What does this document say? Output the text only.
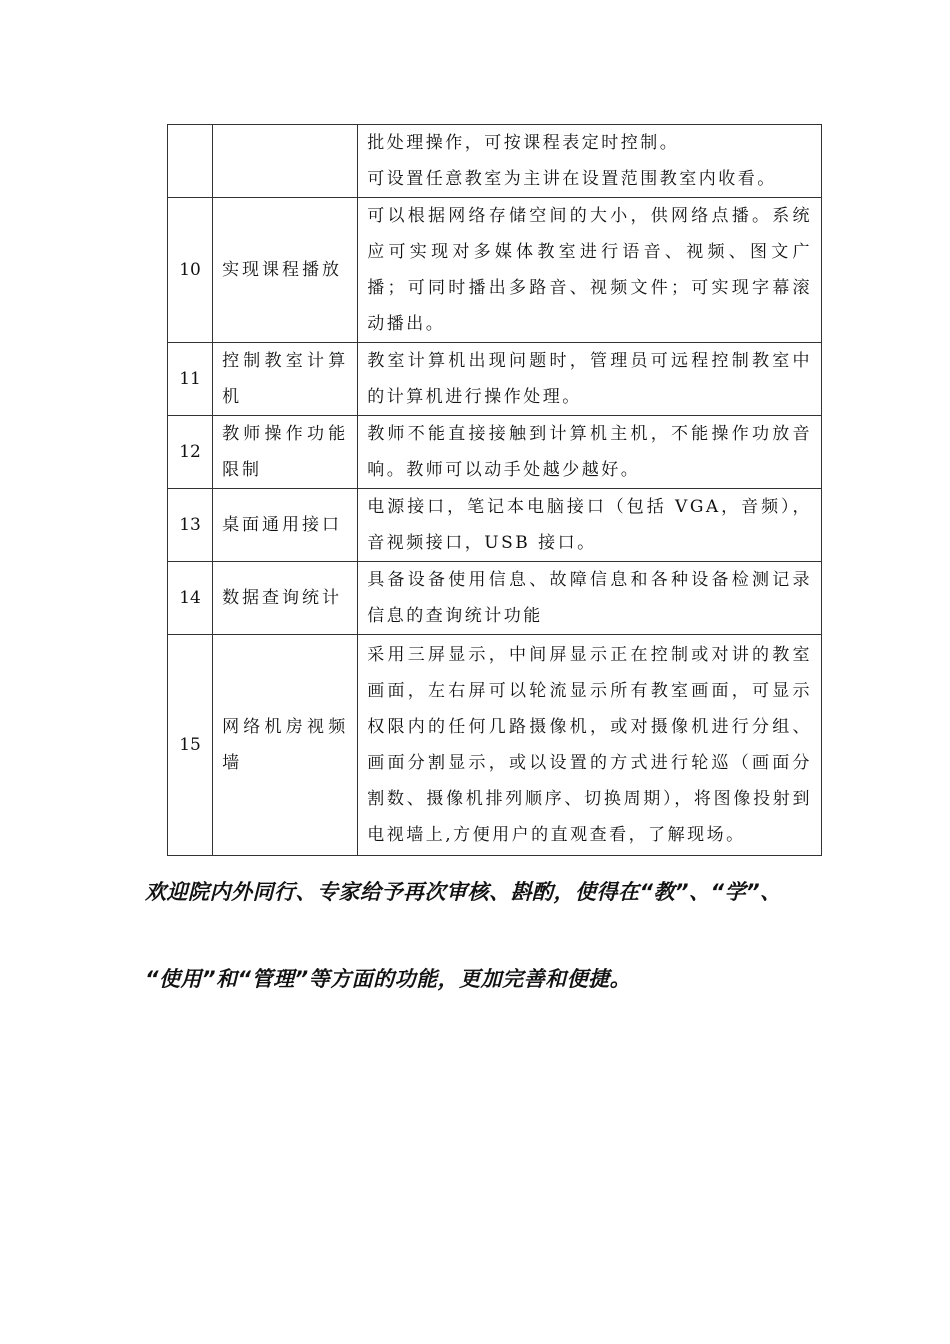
		批处理操作，可按课程表定时控制。
可设置任意教室为主讲在设置范围教室内收看。

10	实现课程播放	可以根据网络存储空间的大小，供网络点播。系统应可实现对多媒体教室进行语音、视频、图文广播；可同时播出多路音、视频文件；可实现字幕滚动播出。
11	控制教室计算机	教室计算机出现问题时，管理员可远程控制教室中的计算机进行操作处理。
12	教师操作功能限制	教师不能直接接触到计算机主机，不能操作功放音响。教师可以动手处越少越好。
13	桌面通用接口	电源接口，笔记本电脑接口（包括 VGA，音频），音视频接口，USB 接口。
14	数据查询统计	具备设备使用信息、故障信息和各种设备检测记录信息的查询统计功能
15	网络机房视频墙	采用三屏显示，中间屏显示正在控制或对讲的教室画面，左右屏可以轮流显示所有教室画面，可显示权限内的任何几路摄像机，或对摄像机进行分组、画面分割显示，或以设置的方式进行轮巡（画面分割数、摄像机排列顺序、切换周期），将图像投射到电视墙上,方便用户的直观查看，了解现场。
欢迎院内外同行、专家给予再次审核、斟酌，使得在“教”、“学”、
“使用”和“管理”等方面的功能，更加完善和便捷。
